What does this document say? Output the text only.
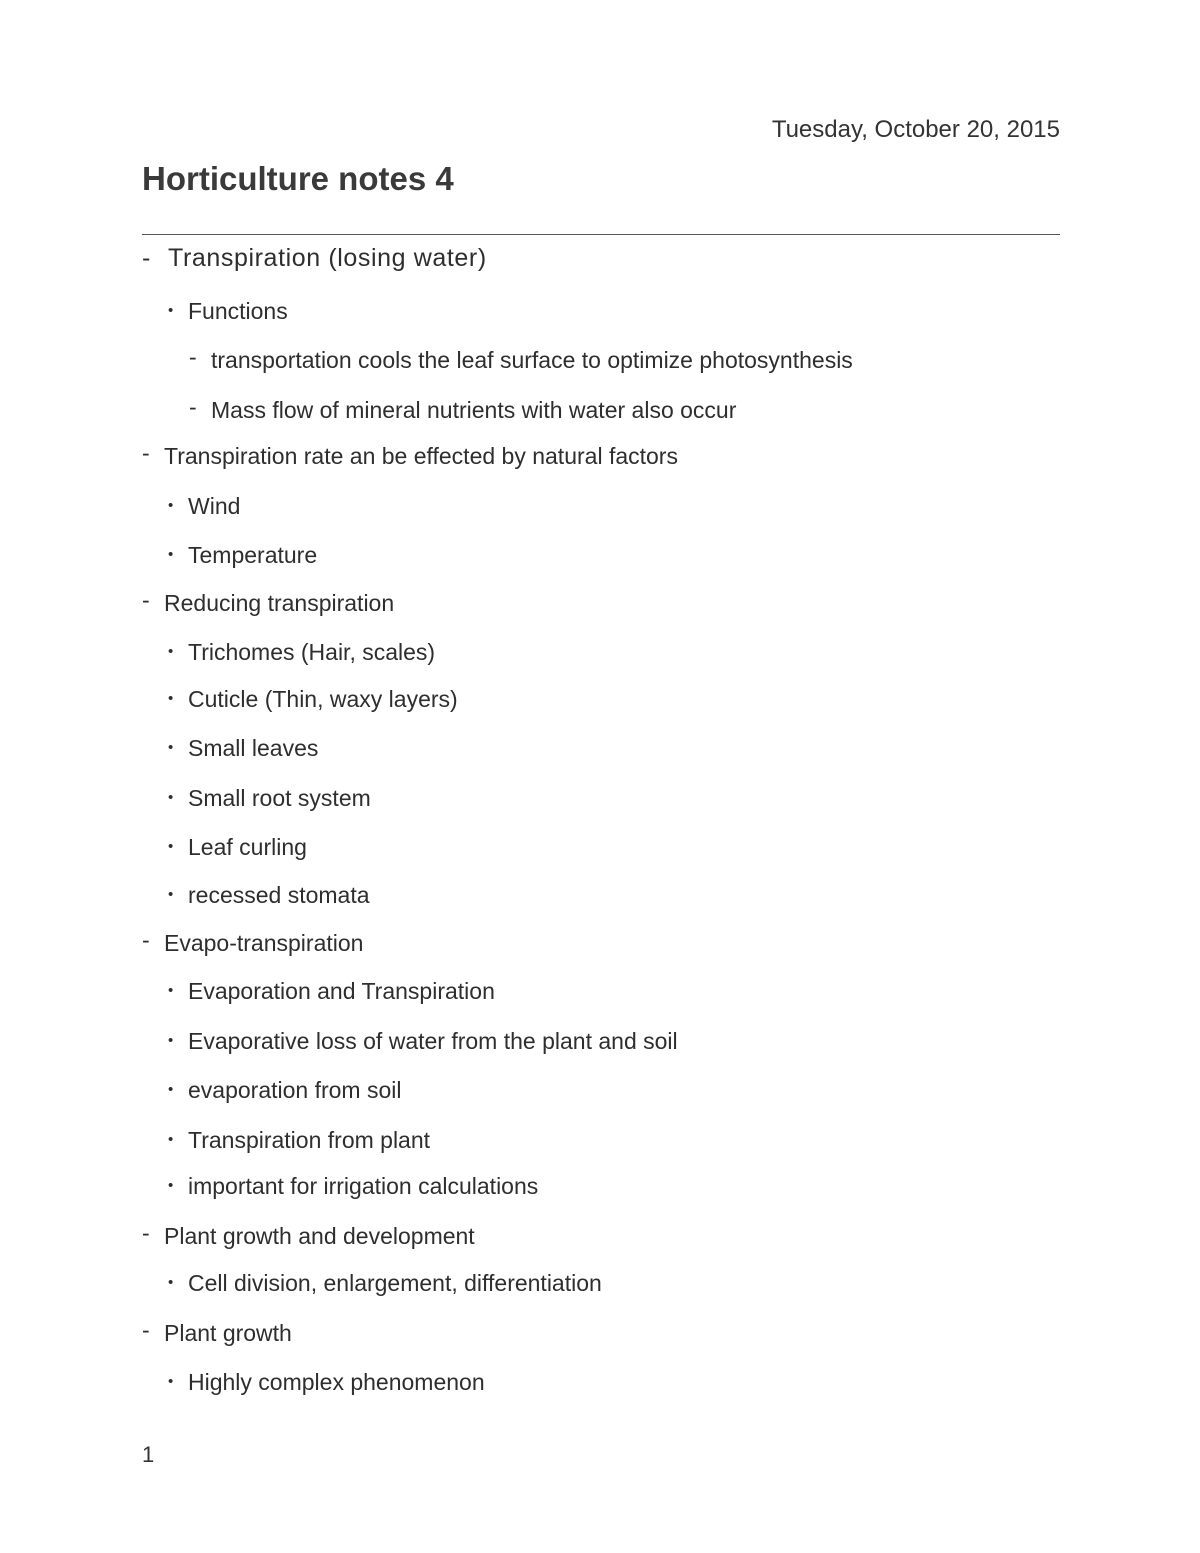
Tuesday, October 20, 2015
Horticulture notes 4
- Transpiration (losing water)
• Functions
- transportation cools the leaf surface to optimize photosynthesis
- Mass flow of mineral nutrients with water also occur
- Transpiration rate an be effected by natural factors
• Wind
• Temperature
- Reducing transpiration
• Trichomes (Hair, scales)
• Cuticle (Thin, waxy layers)
• Small leaves
• Small root system
• Leaf curling
• recessed stomata
- Evapo-transpiration
• Evaporation and Transpiration
• Evaporative loss of water from the plant and soil
• evaporation from soil
• Transpiration from plant
• important for irrigation calculations
- Plant growth and development
• Cell division, enlargement, differentiation
- Plant growth
• Highly complex phenomenon
1
